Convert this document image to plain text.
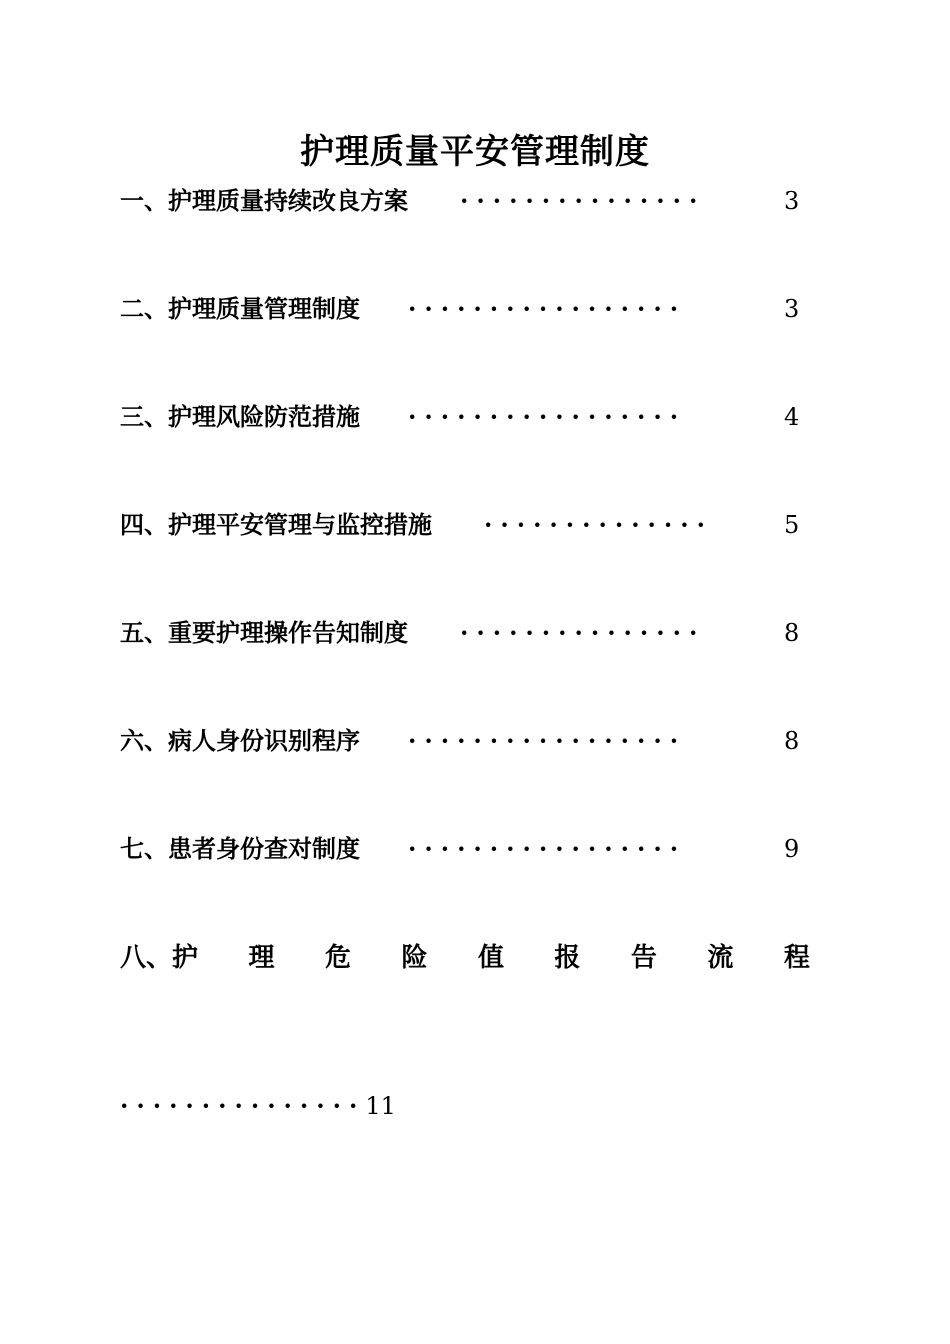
护理质量平安管理制度
一、护理质量持续改良方案 ···············	3
二、护理质量管理制度 ·················	3
三、护理风险防范措施 ·················	4
四、护理平安管理与监控措施 ··············	5
五、重要护理操作告知制度 ···············	8
六、病人身份识别程序 ·················	8
七、患者身份查对制度 ·················	9
八、护 理 危 险 值 报 告 流 程
···············11
